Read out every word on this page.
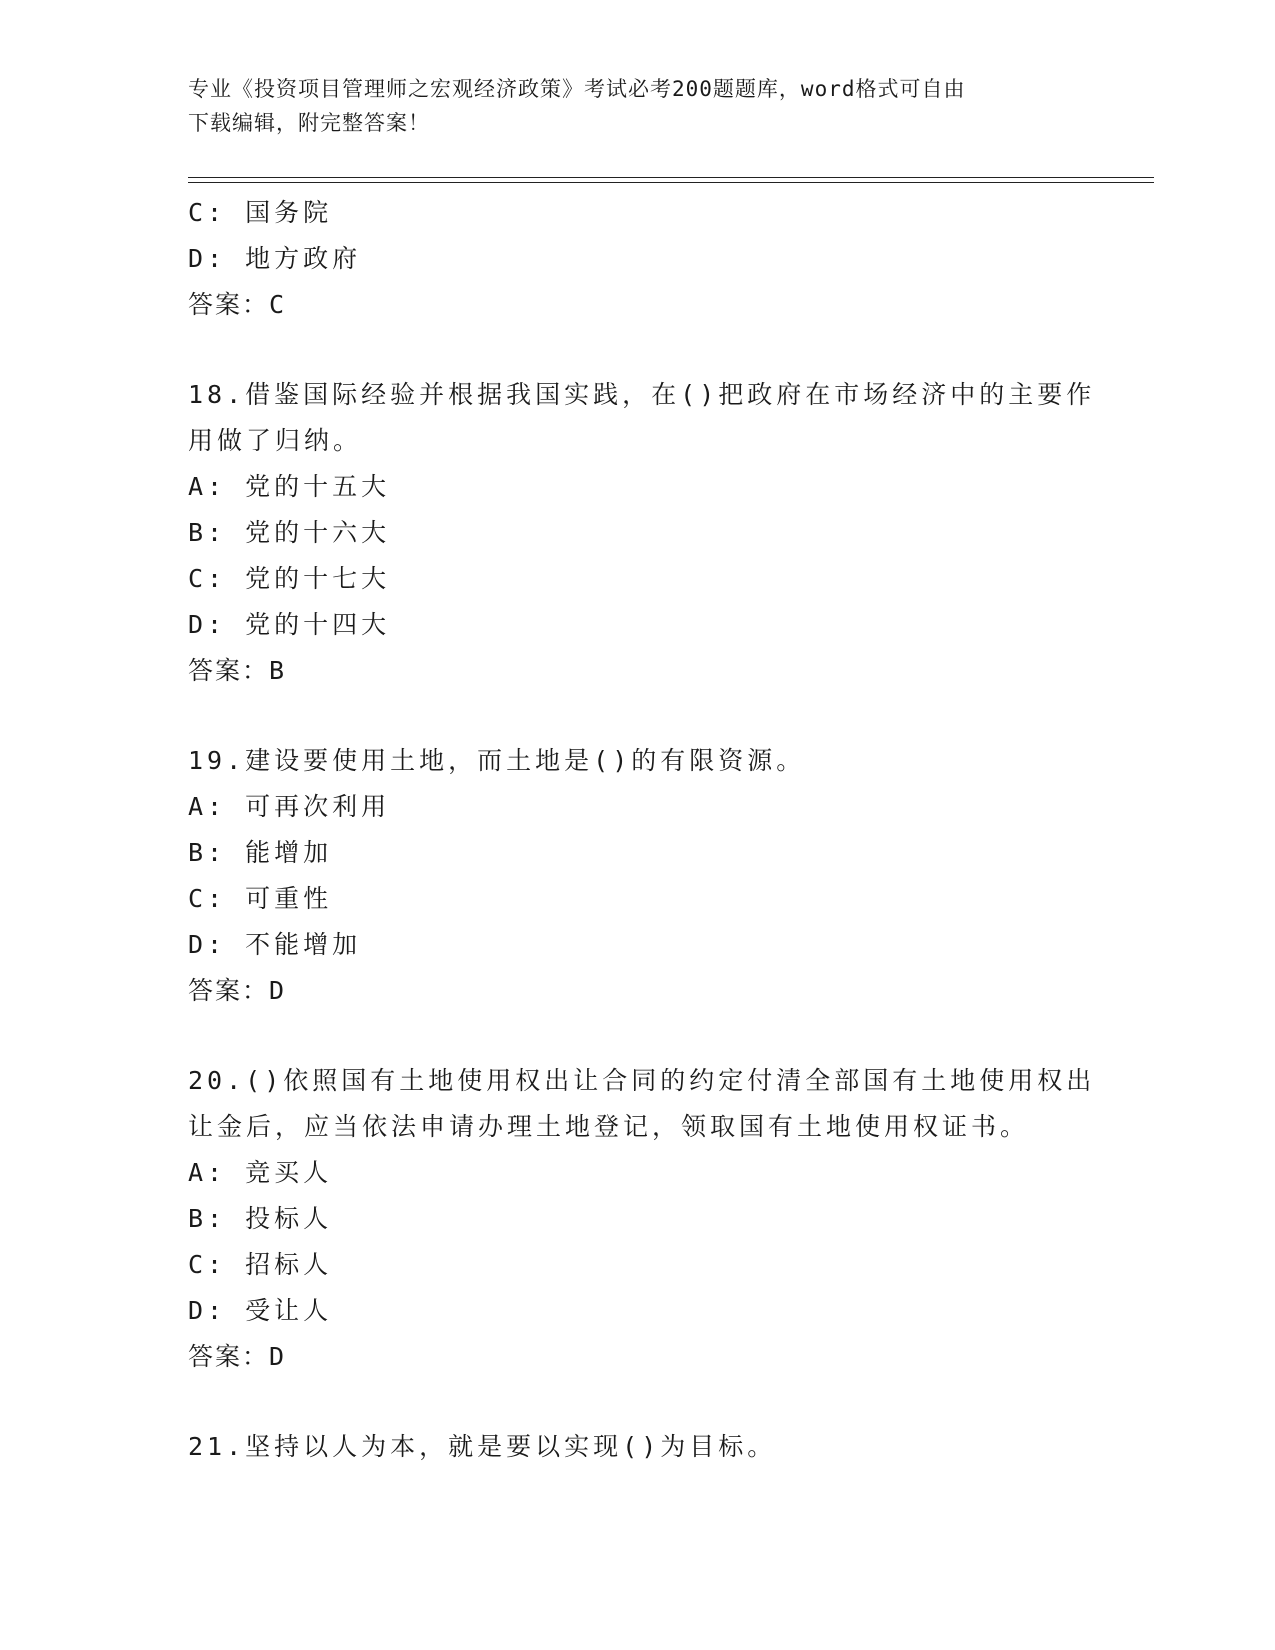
专业《投资项目管理师之宏观经济政策》考试必考200题题库，word格式可自由
下载编辑，附完整答案！
C: 国务院
D: 地方政府
答案：C
18.借鉴国际经验并根据我国实践，在()把政府在市场经济中的主要作
用做了归纳。
A: 党的十五大
B: 党的十六大
C: 党的十七大
D: 党的十四大
答案：B
19.建设要使用土地，而土地是()的有限资源。
A: 可再次利用
B: 能增加
C: 可重性
D: 不能增加
答案：D
20.()依照国有土地使用权出让合同的约定付清全部国有土地使用权出
让金后，应当依法申请办理土地登记，领取国有土地使用权证书。
A: 竞买人
B: 投标人
C: 招标人
D: 受让人
答案：D
21.坚持以人为本，就是要以实现()为目标。
